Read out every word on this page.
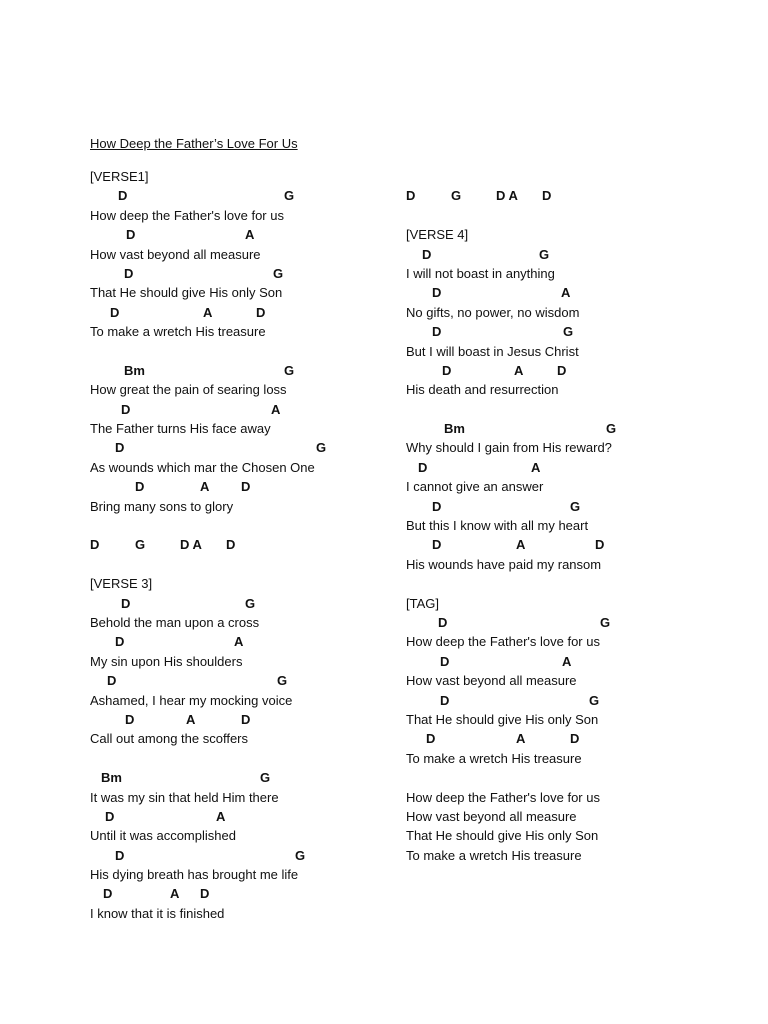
How Deep the Father’s Love For Us
[VERSE1]
D	G
How deep the Father's love for us
D	A
How vast beyond all measure
D	G
That He should give His only Son
D	A	D
To make a wretch His treasure
Bm	G
How great the pain of searing loss
D	A
The Father turns His face away
D	G
As wounds which mar the Chosen One
D	A D
Bring many sons to glory
D	G	D A D
[VERSE 3]
D	G
Behold the man upon a cross
D	A
My sin upon His shoulders
D	G
Ashamed, I hear my mocking voice
D	A	D
Call out among the scoffers
Bm	G
It was my sin that held Him there
D	A
Until it was accomplished
D	G
His dying breath has brought me life
D	A D
I know that it is finished
D	G	D A D
[VERSE 4]
D	G
I will not boast in anything
D	A
No gifts, no power, no wisdom
D	G
But I will boast in Jesus Christ
D	A	D
His death and resurrection
Bm	G
Why should I gain from His reward?
D	A
I cannot give an answer
D	G
But this I know with all my heart
D	A	D
His wounds have paid my ransom
[TAG]
D	G
How deep the Father's love for us
D	A
How vast beyond all measure
D	G
That He should give His only Son
D	A	D
To make a wretch His treasure
How deep the Father's love for us
How vast beyond all measure
That He should give His only Son
To make a wretch His treasure
